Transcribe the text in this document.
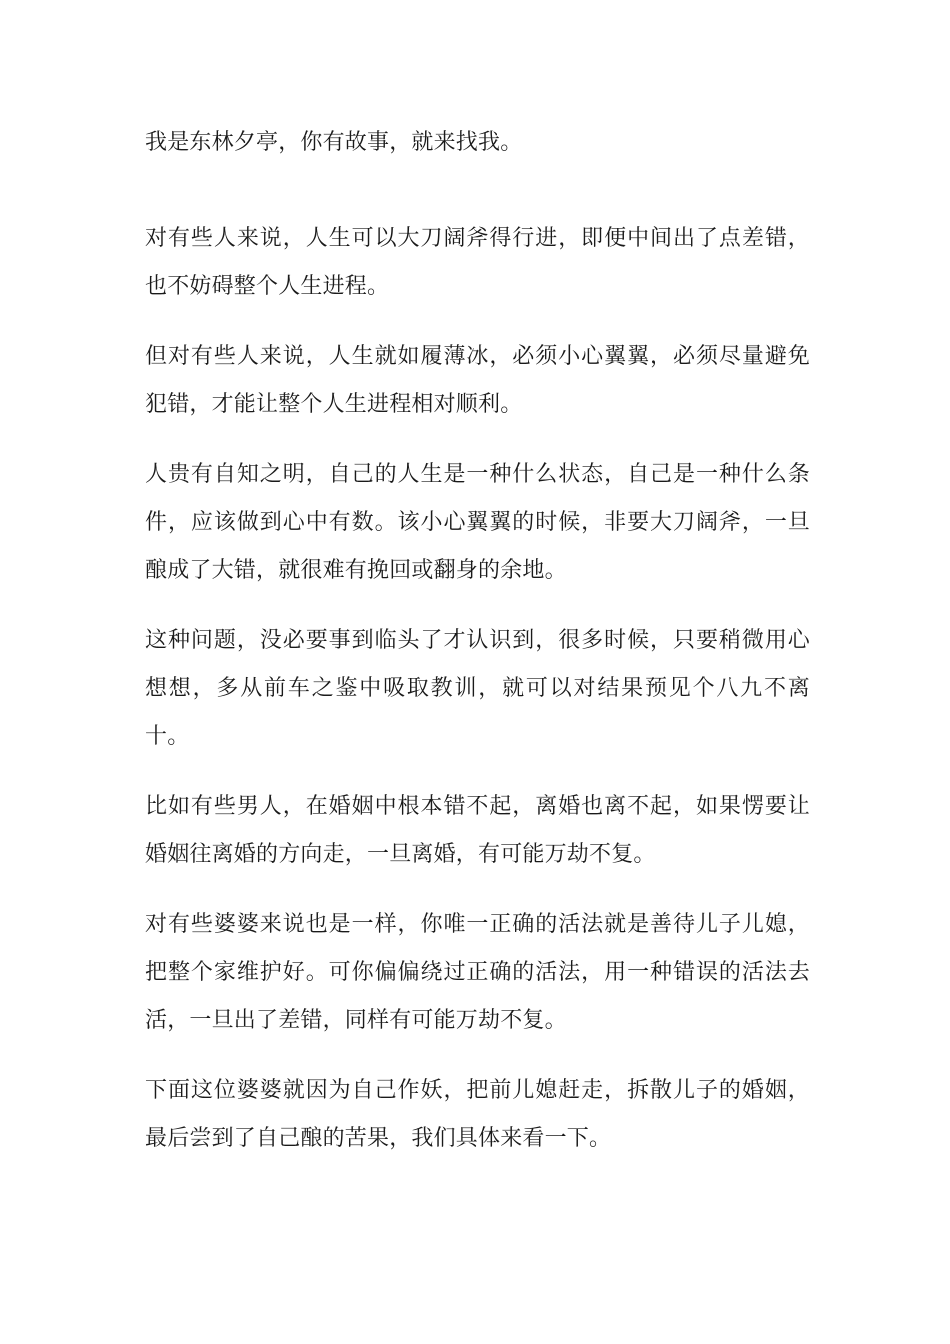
我是东林夕亭，你有故事，就来找我。

对有些人来说，人生可以大刀阔斧得行进，即便中间出了点差错，也不妨碍整个人生进程。

但对有些人来说，人生就如履薄冰，必须小心翼翼，必须尽量避免犯错，才能让整个人生进程相对顺利。

人贵有自知之明，自己的人生是一种什么状态，自己是一种什么条件，应该做到心中有数。该小心翼翼的时候，非要大刀阔斧，一旦酿成了大错，就很难有挽回或翻身的余地。

这种问题，没必要事到临头了才认识到，很多时候，只要稍微用心想想，多从前车之鉴中吸取教训，就可以对结果预见个八九不离十。

比如有些男人，在婚姻中根本错不起，离婚也离不起，如果愣要让婚姻往离婚的方向走，一旦离婚，有可能万劫不复。

对有些婆婆来说也是一样，你唯一正确的活法就是善待儿子儿媳，把整个家维护好。可你偏偏绕过正确的活法，用一种错误的活法去活，一旦出了差错，同样有可能万劫不复。

下面这位婆婆就因为自己作妖，把前儿媳赶走，拆散儿子的婚姻，最后尝到了自己酿的苦果，我们具体来看一下。
